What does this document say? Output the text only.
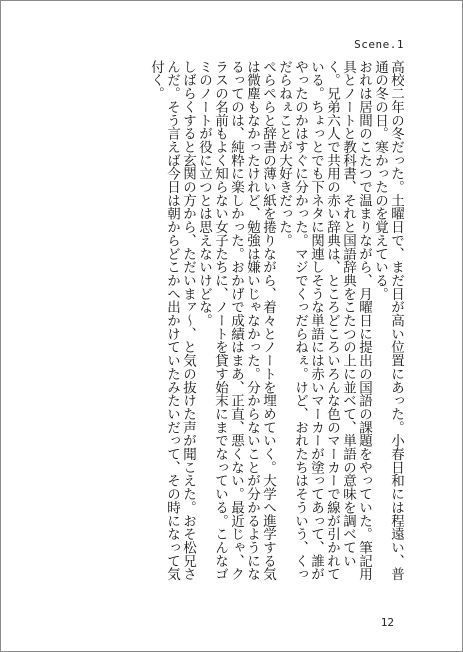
Scene.1

高校二年の冬だった。土曜日で、まだ日が高い位置にあった。小春日和には程遠い、普通の冬の日。寒かったのを覚えている。

おれは居間のこたつで温まりながら、月曜日に提出の国語の課題をやっていた。筆記用具とノートと教科書、それと国語辞典をこたつの上に並べて、単語の意味を調べていく。兄弟六人で共用の赤い辞典は、ところどころいろんな色のマーカーで線が引かれている。ちょっとでも下ネタに関連しそうな単語には赤いマーカーが塗ってあって、誰がやったのかはすぐに分かった。マジでくっだらねぇ。けど、おれたちはそういう、くっだらねぇことが大好きだった。

ぺらぺらと辞書の薄い紙を捲りながら、着々とノートを埋めていく。大学へ進学する気は微塵もなかったけれど、勉強は嫌いじゃなかった。分からないことが分かるようになるってのは、純粋に楽しかった。おかげで成績はまあ、正直、悪くない。最近じゃ、クラスの名前もよく知らない女子たちに、ノートを貸す始末にまでなっている。こんなゴミのノートが役に立つとは思えないけどな。

しばらくすると玄関の方から、ただいまァ〜、と気の抜けた声が聞こえた。おそ松兄さんだ。そう言えば今日は朝からどこかへ出かけていたみたいだって、その時になって気付く。

12
